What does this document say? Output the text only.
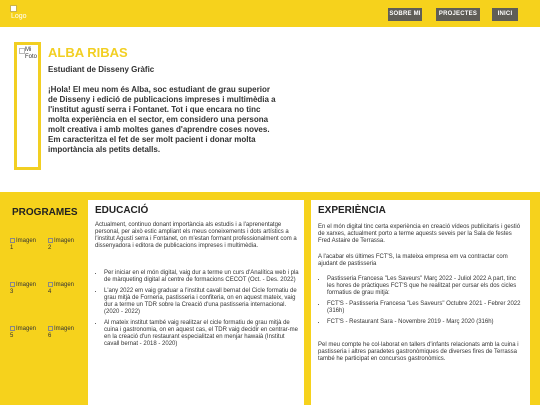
Logo	SOBRE MI	PROJECTES	INICI
Mi Foto ALBA RIBAS
Estudiant de Disseny Gràfic
¡Hola! El meu nom és Alba, soc estudiant de grau superior de Disseny i edició de publicacions impreses i multimèdia a l'institut agustí serra i Fontanet. Tot i que encara no tinc molta experiència en el sector, em considero una persona molt creativa i amb moltes ganes d'aprendre coses noves. Em caracteritza el fet de ser molt pacient i donar molta importància als petits detalls.
PROGRAMES
Imagen 1
Imagen 2
Imagen 3
Imagen 4
Imagen 5
Imagen 6
EDUCACIÓ
Actualment, continuo donant importància als estudis i a l'aprenentatge personal, per això estic ampliant els meus coneixements i dots artístics a l'institut Agustí serra i Fontanet, on m'estan formant professionalment com a dissenyadora i editora de publicacions impreses i multimèdia.
• Per iniciar en el món digital, vaig dur a terme un curs d'Analítica web i pla de màrqueting digital al centre de formacions CECOT (Oct. - Des. 2022)
• L'any 2022 em vaig graduar a l'institut cavall bernat del Cicle formatiu de grau mitjà de Forneria, pastisseria i confiteria, on en aquest mateix, vaig dur a terme un TDR sobre la Creació d'una pastisseria internacional. (2020 - 2022)
• Al mateix institut també vaig realitzar el cicle formatiu de grau mitjà de cuina i gastronomia, on en aquest cas, el TDR vaig decidir en centrar-me en la creació d'un restaurant especialitzat en menjar hawaià (Institut cavall bernat - 2018 - 2020)
EXPERIÈNCIA
En el món digital tinc certa experiència en creació vídeos publicitaris i gestió de xarxes, actualment porto a terme aquests seveis per la Sala de festes Fred Astaire de Terrassa.
A l'acabar els últimes FCT'S, la mateixa empresa em va contractar com ajudant de pastisseria
• Pastisseria Francesa "Les Saveurs" Març 2022 - Juliol 2022 A part, tinc les hores de pràctiques FCT'S que he realitzat per cursar els dos cicles formatius de grau mitjà:
• FCT'S - Pastisseria Francesa "Les Saveurs" Octubre 2021 - Febrer 2022 (316h)
• FCT'S - Restaurant Sara - Novembre 2019 - Març 2020 (316h)
Pel meu compte he col·laborat en tallers d'infants relacionats amb la cuina i pastisseria i altres paradetes gastronòmiques de diverses fires de Terrassa també he participat en concursos gastronòmics.
